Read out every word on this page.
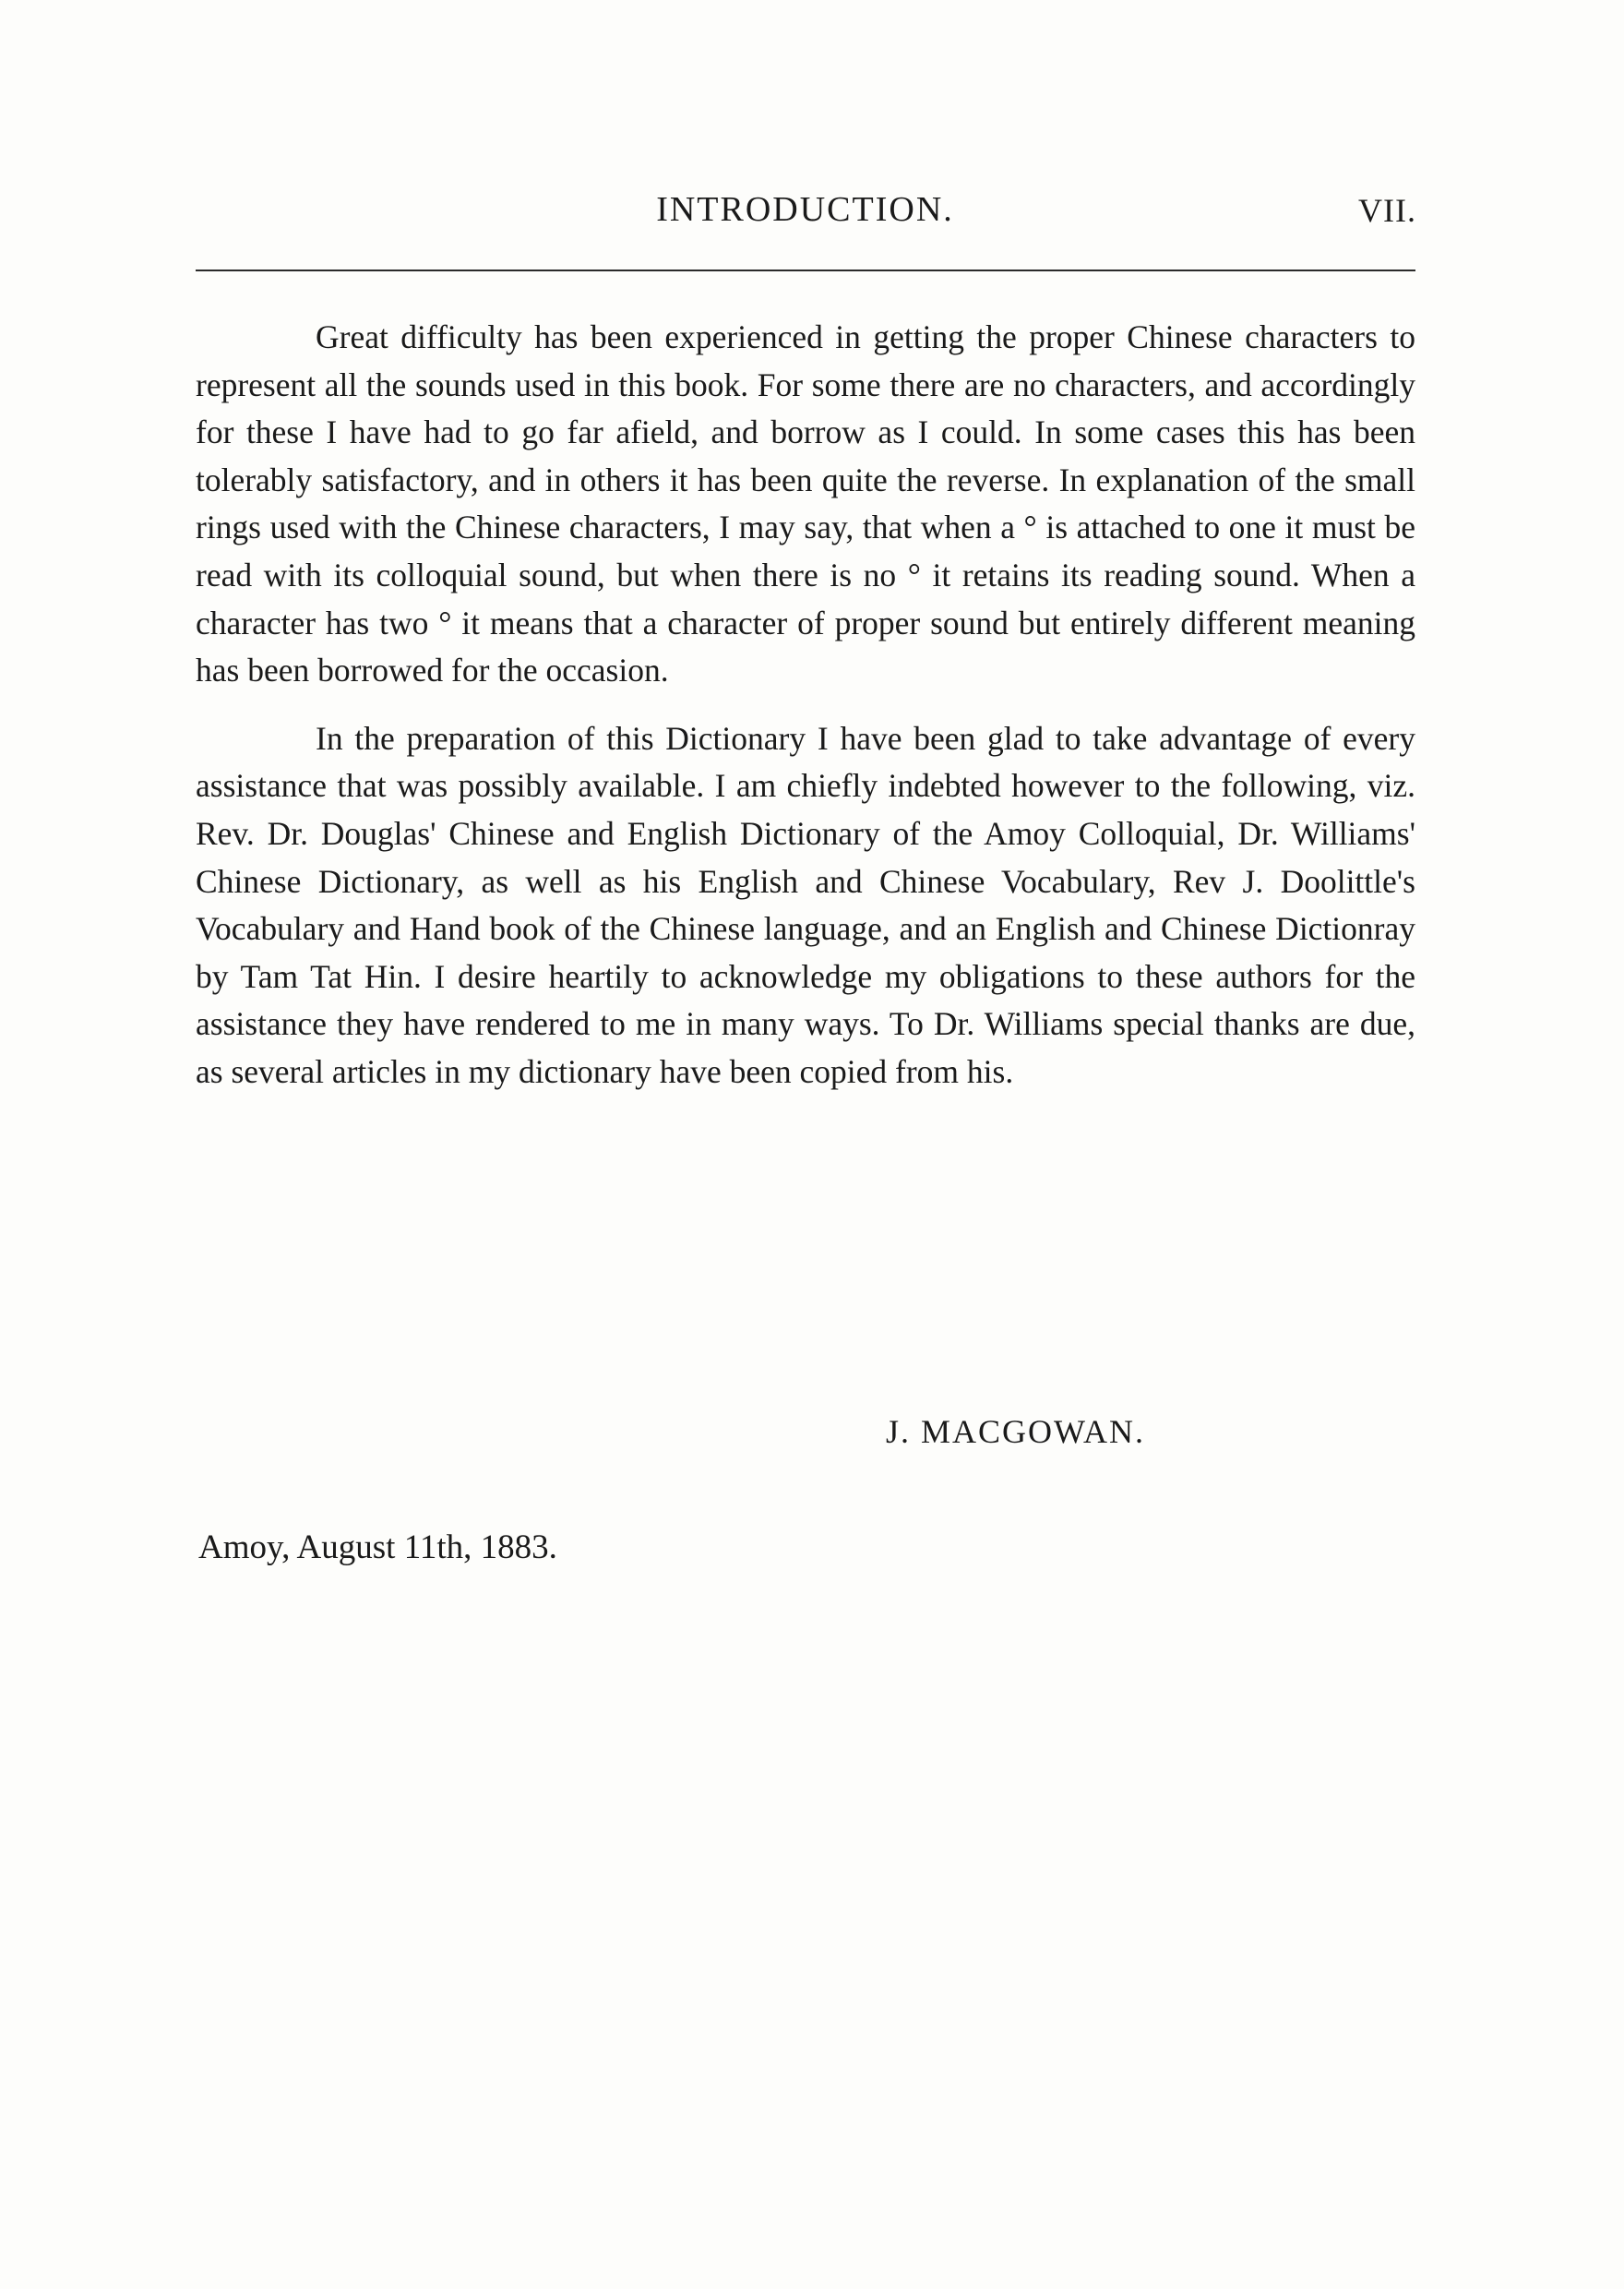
INTRODUCTION.	VII.

Great difficulty has been experienced in getting the proper Chinese characters to represent all the sounds used in this book. For some there are no characters, and accordingly for these I have had to go far afield, and borrow as I could. In some cases this has been tolerably satisfactory, and in others it has been quite the reverse. In explanation of the small rings used with the Chinese characters, I may say, that when a ° is attached to one it must be read with its colloquial sound, but when there is no ° it retains its reading sound. When a character has two ° it means that a character of proper sound but entirely different meaning has been borrowed for the occasion.

In the preparation of this Dictionary I have been glad to take advantage of every assistance that was possibly available. I am chiefly indebted however to the following, viz. Rev. Dr. Douglas' Chinese and English Dictionary of the Amoy Colloquial, Dr. Williams' Chinese Dictionary, as well as his English and Chinese Vocabulary, Rev J. Doolittle's Vocabulary and Hand book of the Chinese language, and an English and Chinese Dictionray by Tam Tat Hin. I desire heartily to acknowledge my obligations to these authors for the assistance they have rendered to me in many ways. To Dr. Williams special thanks are due, as several articles in my dictionary have been copied from his.

J. MACGOWAN.
Amoy, August 11th, 1883.
